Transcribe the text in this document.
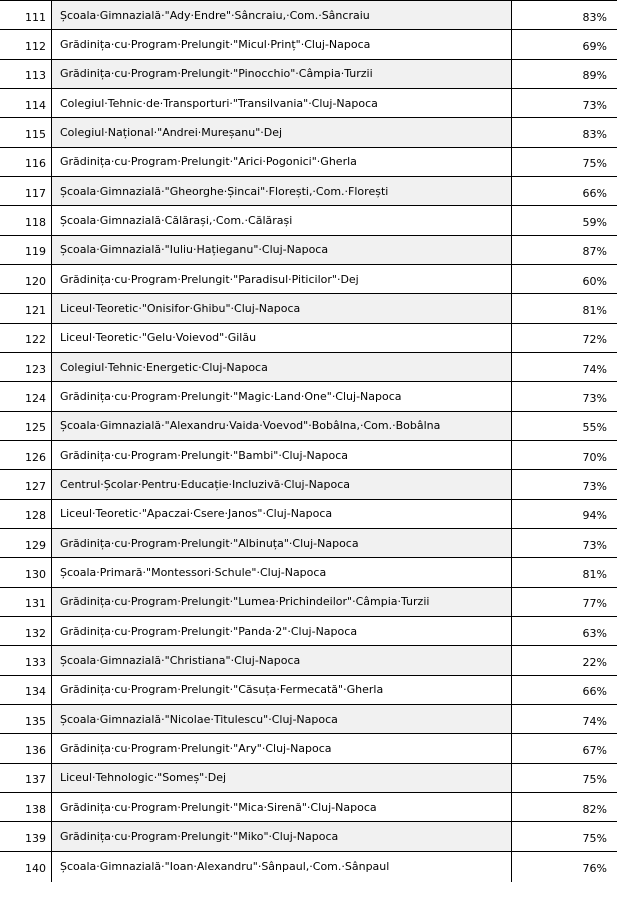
111	Școala·Gimnazială·"Ady·Endre"·Sâncraiu,·Com.·Sâncraiu	83%
112	Grădinița·cu·Program·Prelungit·"Micul·Prinț"·Cluj-Napoca	69%
113	Grădinița·cu·Program·Prelungit·"Pinocchio"·Câmpia·Turzii	89%
114	Colegiul·Tehnic·de·Transporturi·"Transilvania"·Cluj-Napoca	73%
115	Colegiul·Național·"Andrei·Mureșanu"·Dej	83%
116	Grădinița·cu·Program·Prelungit·"Arici·Pogonici"·Gherla	75%
117	Școala·Gimnazială·"Gheorghe·Șincai"·Florești,·Com.·Florești	66%
118	Școala·Gimnazială·Călărași,·Com.·Călărași	59%
119	Școala·Gimnazială·"Iuliu·Hațieganu"·Cluj-Napoca	87%
120	Grădinița·cu·Program·Prelungit·"Paradisul·Piticilor"·Dej	60%
121	Liceul·Teoretic·"Onisifor·Ghibu"·Cluj-Napoca	81%
122	Liceul·Teoretic·"Gelu·Voievod"·Gilău	72%
123	Colegiul·Tehnic·Energetic·Cluj-Napoca	74%
124	Grădinița·cu·Program·Prelungit·"Magic·Land·One"·Cluj-Napoca	73%
125	Școala·Gimnazială·"Alexandru·Vaida·Voevod"·Bobâlna,·Com.·Bobâlna	55%
126	Grădinița·cu·Program·Prelungit·"Bambi"·Cluj-Napoca	70%
127	Centrul·Școlar·Pentru·Educație·Incluzivă·Cluj-Napoca	73%
128	Liceul·Teoretic·"Apaczai·Csere·Janos"·Cluj-Napoca	94%
129	Grădinița·cu·Program·Prelungit·"Albinuța"·Cluj-Napoca	73%
130	Școala·Primară·"Montessori·Schule"·Cluj-Napoca	81%
131	Grădinița·cu·Program·Prelungit·"Lumea·Prichindeilor"·Câmpia·Turzii	77%
132	Grădinița·cu·Program·Prelungit·"Panda·2"·Cluj-Napoca	63%
133	Școala·Gimnazială·"Christiana"·Cluj-Napoca	22%
134	Grădinița·cu·Program·Prelungit·"Căsuța·Fermecată"·Gherla	66%
135	Școala·Gimnazială·"Nicolae·Titulescu"·Cluj-Napoca	74%
136	Grădinița·cu·Program·Prelungit·"Ary"·Cluj-Napoca	67%
137	Liceul·Tehnologic·"Someș"·Dej	75%
138	Grădinița·cu·Program·Prelungit·"Mica·Sirenă"·Cluj-Napoca	82%
139	Grădinița·cu·Program·Prelungit·"Miko"·Cluj-Napoca	75%
140	Școala·Gimnazială·"Ioan·Alexandru"·Sânpaul,·Com.·Sânpaul	76%
